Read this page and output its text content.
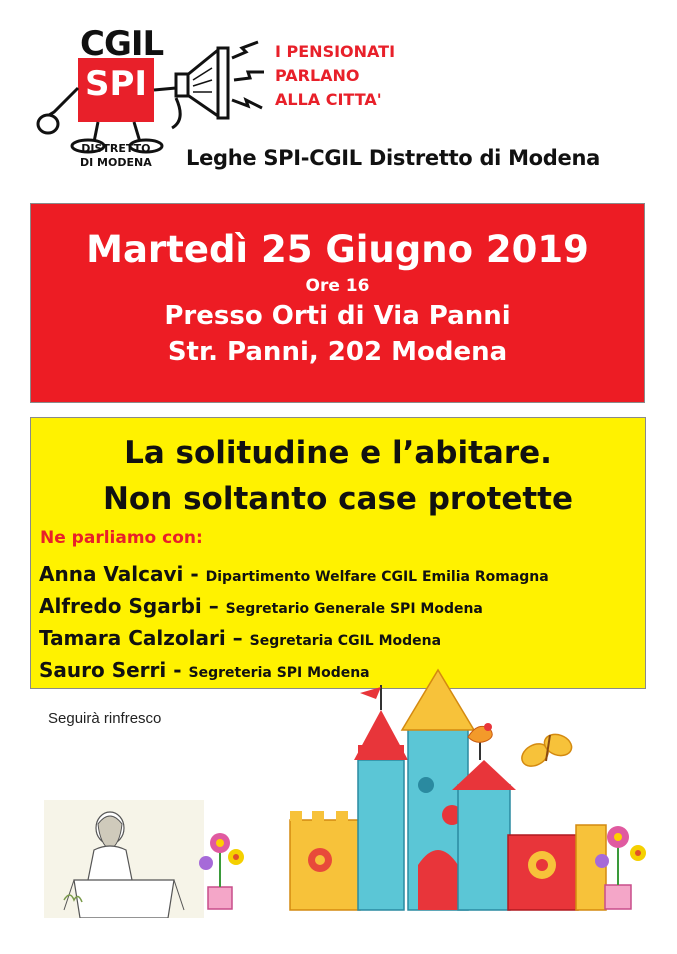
CGIL
SPI
I PENSIONATI
PARLANO
ALLA CITTA'
DISTRETTO
DI MODENA Leghe SPI-CGIL Distretto di Modena
Martedì 25 Giugno 2019
Ore 16
Presso Orti di Via Panni
Str. Panni, 202 Modena
La solitudine e l’abitare.
Non soltanto case protette
Ne parliamo con:
Anna Valcavi - Dipartimento Welfare CGIL Emilia Romagna
Alfredo Sgarbi – Segretario Generale SPI Modena
Tamara Calzolari – Segretaria CGIL Modena
Sauro Serri - Segreteria SPI Modena
Seguirà rinfresco
